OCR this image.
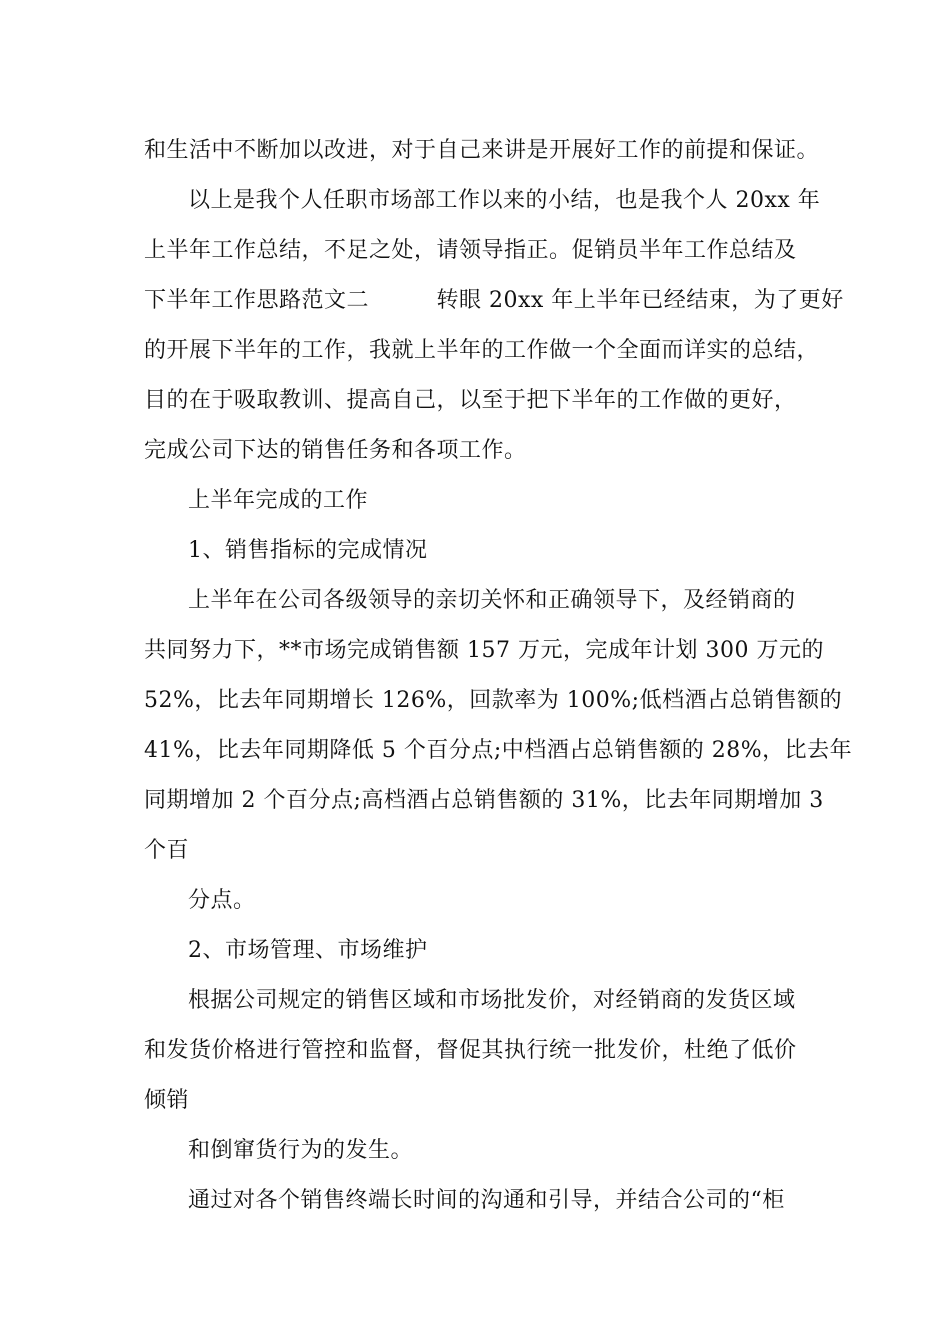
和生活中不断加以改进，对于自己来讲是开展好工作的前提和保证。
以上是我个人任职市场部工作以来的小结，也是我个人 20xx 年
上半年工作总结，不足之处，请领导指正。促销员半年工作总结及
下半年工作思路范文二　　　转眼 20xx 年上半年已经结束，为了更好
的开展下半年的工作，我就上半年的工作做一个全面而详实的总结，
目的在于吸取教训、提高自己，以至于把下半年的工作做的更好，
完成公司下达的销售任务和各项工作。
上半年完成的工作
1、销售指标的完成情况
上半年在公司各级领导的亲切关怀和正确领导下，及经销商的
共同努力下，**市场完成销售额 157 万元，完成年计划 300 万元的
52%，比去年同期增长 126%，回款率为 100%;低档酒占总销售额的
41%，比去年同期降低 5 个百分点;中档酒占总销售额的 28%，比去年
同期增加 2 个百分点;高档酒占总销售额的 31%，比去年同期增加 3
个百
分点。
2、市场管理、市场维护
根据公司规定的销售区域和市场批发价，对经销商的发货区域
和发货价格进行管控和监督，督促其执行统一批发价，杜绝了低价
倾销
和倒窜货行为的发生。
通过对各个销售终端长时间的沟通和引导，并结合公司的“柜
